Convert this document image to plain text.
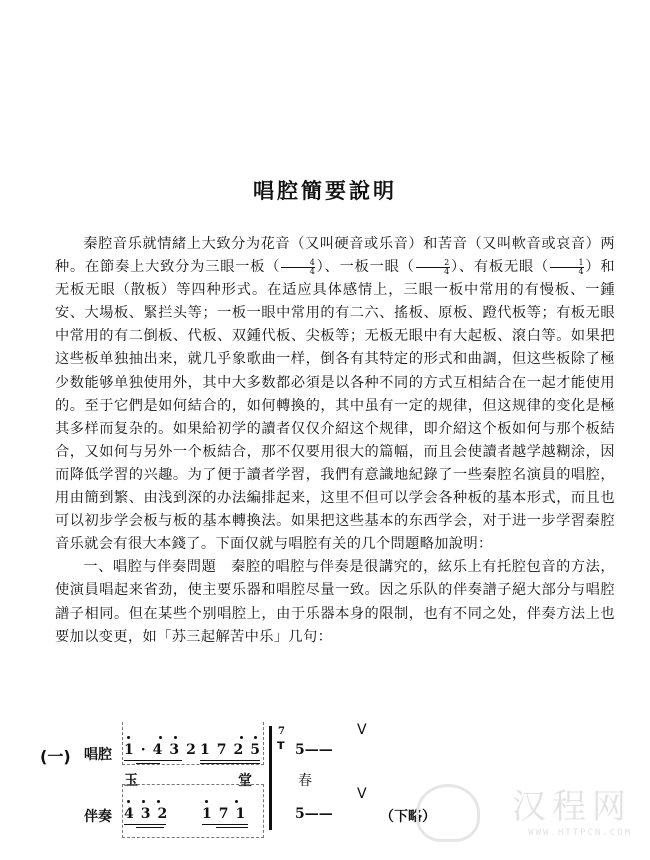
唱腔簡要說明

秦腔音乐就情緒上大致分为花音（又叫硬音或乐音）和苦音（又叫軟音或哀音）两种。在節奏上大致分为三眼一板（ $\frac{4}{4}$ ）、一板一眼（ $\frac{2}{4}$ ）、有板无眼（ $\frac{1}{4}$ ）和无板无眼（散板）等四种形式。在适应具体感情上，三眼一板中常用的有慢板、一鍾安、大場板、緊拦头等；一板一眼中常用的有二六、搖板、原板、蹬代板等；有板无眼中常用的有二倒板、代板、双鍾代板、尖板等；无板无眼中有大起板、滾白等。如果把这些板单独抽出来，就几乎象歌曲一样，倒各有其特定的形式和曲調，但这些板除了極少数能够单独使用外，其中大多数都必須是以各种不同的方式互相結合在一起才能使用的。至于它們是如何結合的，如何轉換的，其中虽有一定的规律，但这规律的变化是極其多样而复杂的。如果給初学的讀者仅仅介紹这个规律，即介紹这个板如何与那个板結合，又如何与另外一个板結合，那不仅要用很大的篇幅，而且会使讀者越学越糊涂，因而降低学習的兴趣。为了便于讀者学習，我們有意識地紀錄了一些秦腔名演員的唱腔，用由簡到繁、由浅到深的办法編排起来，这里不但可以学会各种板的基本形式，而且也可以初步学会板与板的基本轉換法。如果把这些基本的东西学会，对于进一步学習秦腔音乐就会有很大本錢了。下面仅就与唱腔有关的几个問題略加說明：

一、唱腔与伴奏問題　秦腔的唱腔与伴奏是很講究的，絃乐上有托腔包音的方法，使演員唱起来省劲，使主要乐器和唱腔尽量一致。因之乐队的伴奏譜子絕大部分与唱腔譜子相同。但在某些个别唱腔上，由于乐器本身的限制，也有不同之处，伴奏方法上也要加以变更，如「苏三起解苦中乐」几句：

(一) 唱腔
伴奏
1·432
1725
玉	堂	春
432 171
7
ᴛ 5——
V
5——
V
（下略） 汉程网
WWW.HTTPCN.COM
